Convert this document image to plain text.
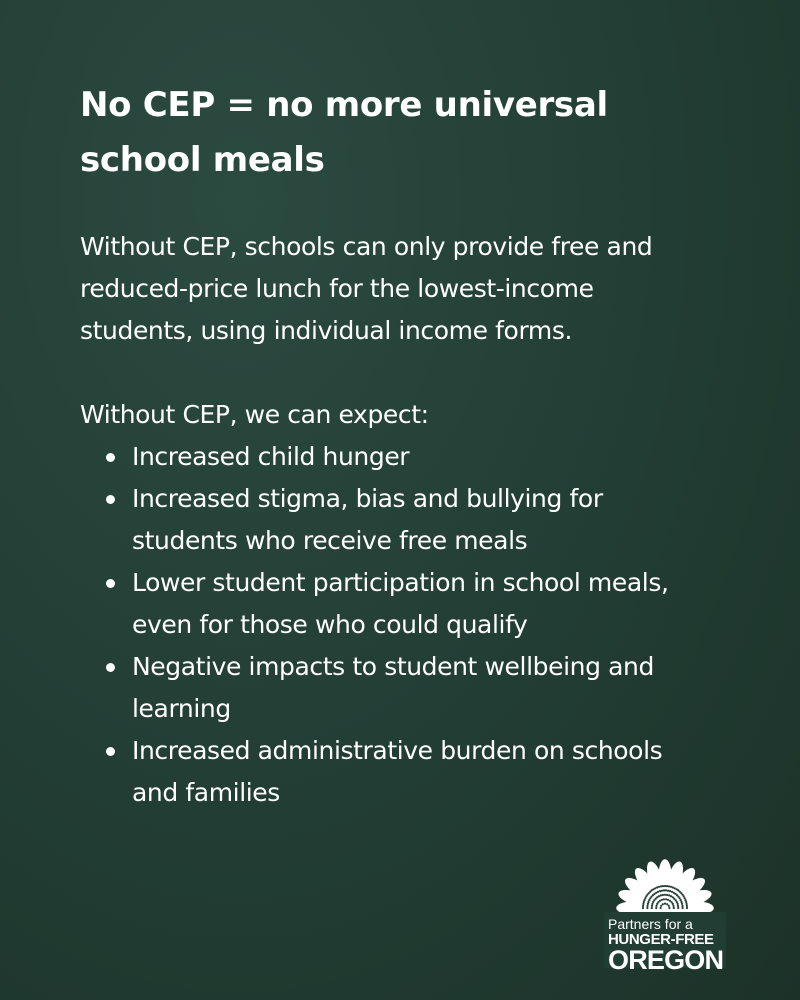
No CEP = no more universal
school meals

Without CEP, schools can only provide free and
reduced-price lunch for the lowest-income
students, using individual income forms.

Without CEP, we can expect:

Increased child hunger
Increased stigma, bias and bullying for
students who receive free meals
Lower student participation in school meals,
even for those who could qualify
Negative impacts to student wellbeing and
learning
Increased administrative burden on schools
and families
Partners for a
HUNGER-FREE
OREGON
